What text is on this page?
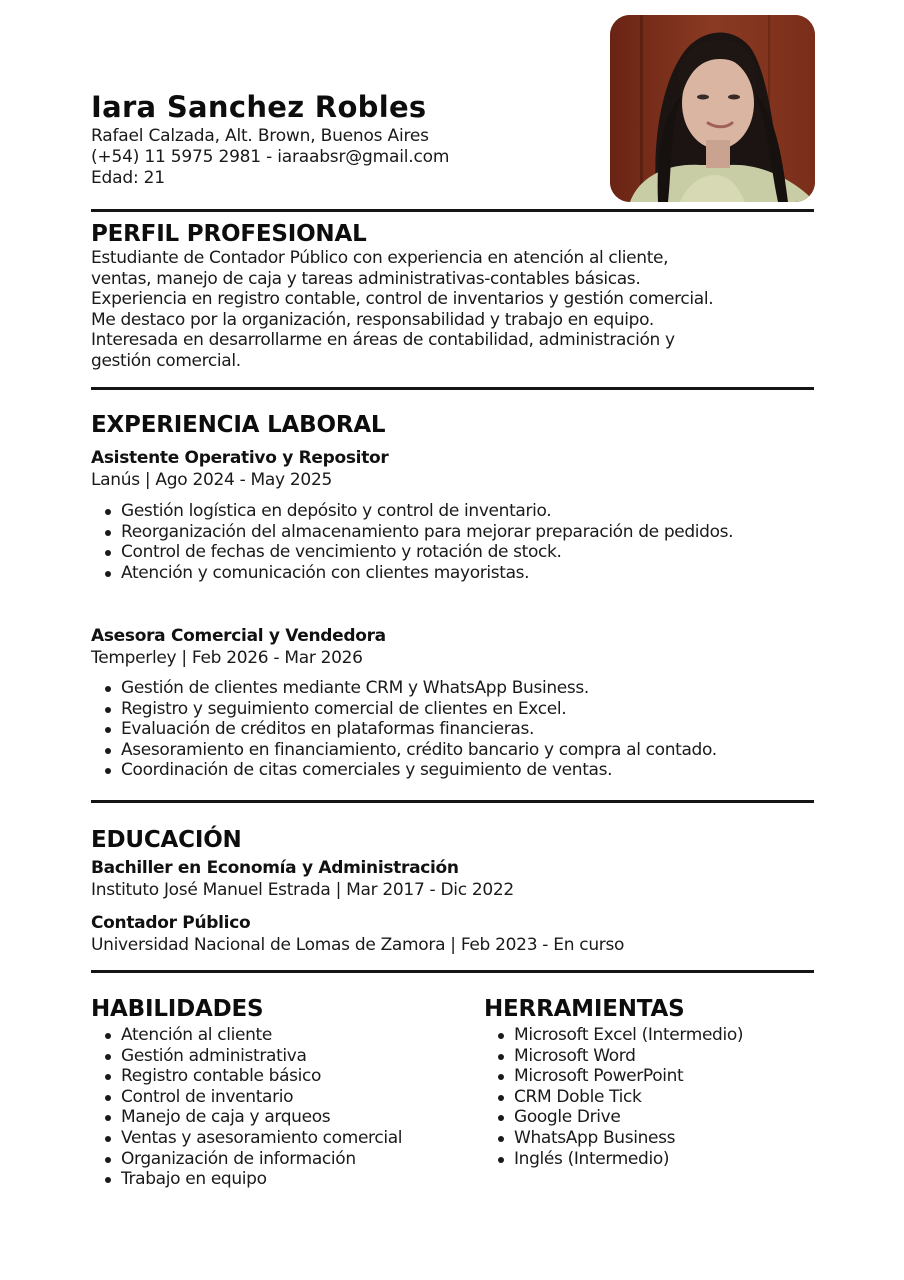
Iara Sanchez Robles
Rafael Calzada, Alt. Brown, Buenos Aires
(+54) 11 5975 2981 - iaraabsr@gmail.com
Edad: 21
PERFIL PROFESIONAL
Estudiante de Contador Público con experiencia en atención al cliente,
ventas, manejo de caja y tareas administrativas-contables básicas.
Experiencia en registro contable, control de inventarios y gestión comercial.
Me destaco por la organización, responsabilidad y trabajo en equipo.
Interesada en desarrollarme en áreas de contabilidad, administración y
gestión comercial.
EXPERIENCIA LABORAL
Asistente Operativo y Repositor
Lanús | Ago 2024 - May 2025
Gestión logística en depósito y control de inventario.
Reorganización del almacenamiento para mejorar preparación de pedidos.
Control de fechas de vencimiento y rotación de stock.
Atención y comunicación con clientes mayoristas.
Asesora Comercial y Vendedora
Temperley | Feb 2026 - Mar 2026
Gestión de clientes mediante CRM y WhatsApp Business.
Registro y seguimiento comercial de clientes en Excel.
Evaluación de créditos en plataformas financieras.
Asesoramiento en financiamiento, crédito bancario y compra al contado.
Coordinación de citas comerciales y seguimiento de ventas.
EDUCACIÓN
Bachiller en Economía y Administración
Instituto José Manuel Estrada | Mar 2017 - Dic 2022
Contador Público
Universidad Nacional de Lomas de Zamora | Feb 2023 - En curso
HABILIDADES
Atención al cliente
Gestión administrativa
Registro contable básico
Control de inventario
Manejo de caja y arqueos
Ventas y asesoramiento comercial
Organización de información
Trabajo en equipo
HERRAMIENTAS
Microsoft Excel (Intermedio)
Microsoft Word
Microsoft PowerPoint
CRM Doble Tick
Google Drive
WhatsApp Business
Inglés (Intermedio)
